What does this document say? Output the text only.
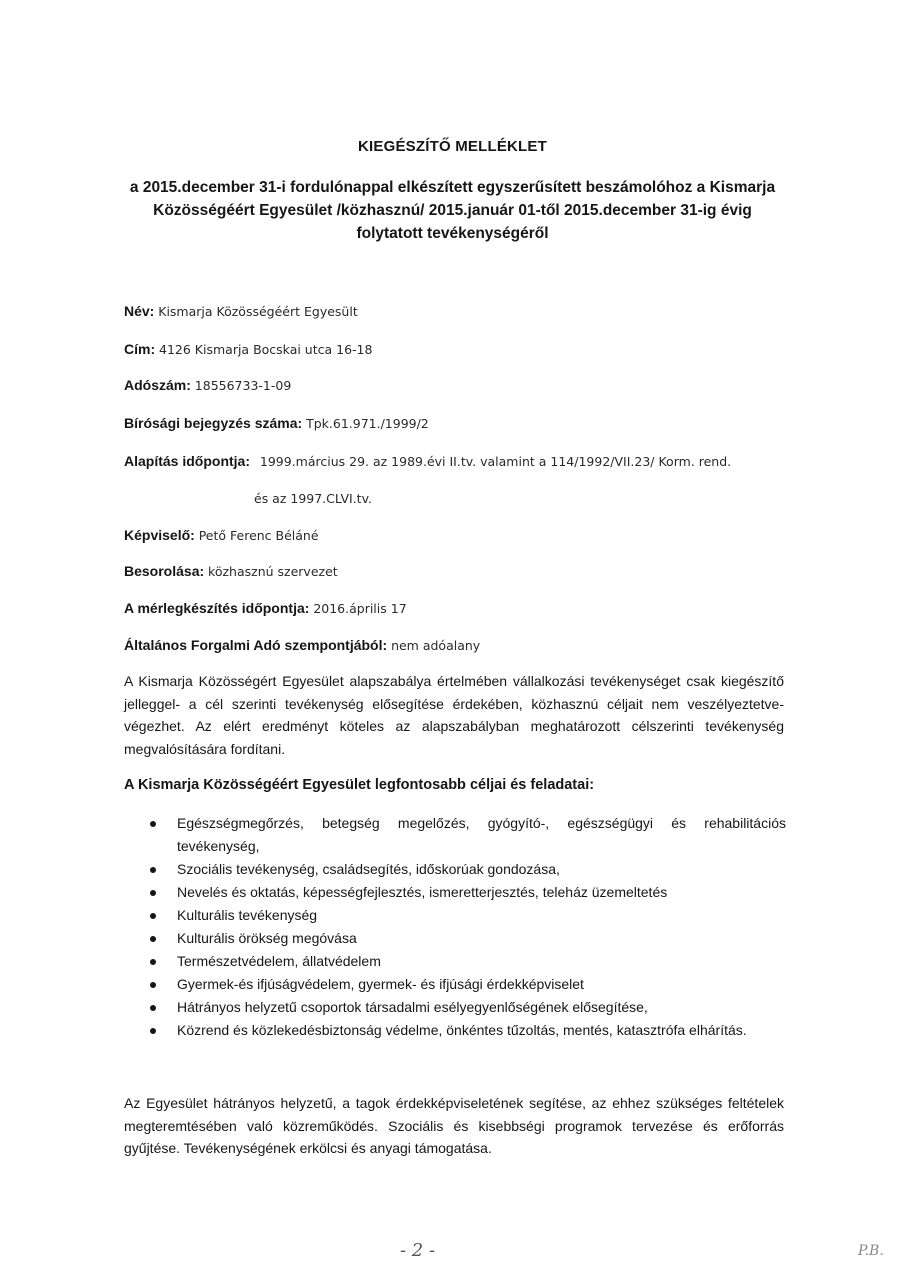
KIEGÉSZÍTŐ MELLÉKLET
a 2015.december 31-i fordulónappal elkészített egyszerűsített beszámolóhoz a Kismarja
Közösségéért Egyesület /közhasznú/ 2015.január 01-től 2015.december 31-ig évig
folytatott tevékenységéről
Név: Kismarja Közösségéért Egyesült
Cím: 4126 Kismarja Bocskai utca 16-18
Adószám: 18556733-1-09
Bírósági bejegyzés száma: Tpk.61.971./1999/2
Alapítás időpontja: 1999.március 29. az 1989.évi II.tv. valamint a 114/1992/VII.23/ Korm. rend.
és az 1997.CLVI.tv.
Képviselő: Pető Ferenc Béláné
Besorolása: közhasznú szervezet
A mérlegkészítés időpontja: 2016.április 17
Általános Forgalmi Adó szempontjából: nem adóalany
A Kismarja Közösségért Egyesület alapszabálya értelmében vállalkozási tevékenységet csak kiegészítő jelleggel- a cél szerinti tevékenység elősegítése érdekében, közhasznú céljait nem veszélyeztetve-végezhet. Az elért eredményt köteles az alapszabályban meghatározott célszerinti tevékenység megvalósítására fordítani.
A Kismarja Közösségéért Egyesület legfontosabb céljai és feladatai:
Egészségmegőrzés, betegség megelőzés, gyógyító-, egészségügyi és rehabilitációs tevékenység,
Szociális tevékenység, családsegítés, időskorúak gondozása,
Nevelés és oktatás, képességfejlesztés, ismeretterjesztés, teleház üzemeltetés
Kulturális tevékenység
Kulturális örökség megóvása
Természetvédelem, állatvédelem
Gyermek-és ifjúságvédelem, gyermek- és ifjúsági érdekképviselet
Hátrányos helyzetű csoportok társadalmi esélyegyenlőségének elősegítése,
Közrend és közlekedésbiztonság védelme, önkéntes tűzoltás, mentés, katasztrófa elhárítás.
Az Egyesület hátrányos helyzetű, a tagok érdekképviseletének segítése, az ehhez szükséges feltételek megteremtésében való közreműködés. Szociális és kisebbségi programok tervezése és erőforrás gyűjtése. Tevékenységének erkölcsi és anyagi támogatása.
- 2 -	P.B.
